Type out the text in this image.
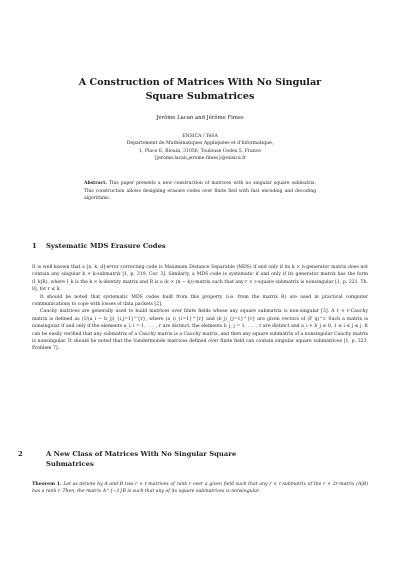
A Construction of Matrices With No Singular
Square Submatrices
Jérôme Lacan and Jérôme Fimes
ENSICA / TéSA
Département de Mathématiques Appliquées et d'Informatique,
1, Place E. Blouin, 31056, Toulouse Cedex 5, France
{jerome.lacan,jerome.fimes}@ensica.fr
Abstract. This paper presents a new construction of matrices with no singular square submatrix. This construction allows designing erasure codes over finite fied with fast encoding and decoding algorithms.
1 Systematic MDS Erasure Codes

It is well known that a [n, k, d]-error correcting code is Maximum Distance Separable (MDS) if and only if its k × n-generator matrix does not contain any singular k × k-submatrix [1, p. 319, Cor. 3]. Similarly, a MDS code is systematic if and only if its generator matrix has the form (I_k|R), where I_k is the k × k-identity matrix and R is a (k × (n − k))-matrix such that any r × r-square submatrix is nonsingular [1, p. 321, Th. 8], for r ≤ k.

It should be noted that systematic MDS codes built from this property (i.e. from the matrix R) are used in practical computer communications to cope with losses of data packets [2].

Cauchy matrices are generally used to build matrices over finite fields whose any square submatrix is non-singular [3]. A r × r-Cauchy matrix is defined as (1/(a_i − b_j))_{i,j=1}^{r}, where (a_i)_{i=1}^{r} and (b_j)_{j=1}^{r} are given vectors of (F_q)^r. Such a matrix is nonsingular if and only if the elements a_i, i = 1, . . . , r are distinct, the elements b_j, j = 1, . . . , r are distinct and a_i + b_j ≠ 0, 1 ≤ i ≤ j ≤ j. It can be easily verified that any submatrix of a Cauchy matrix is a Cauchy matrix, and then any square submatrix of a nonsingular Cauchy matrix is nonsingular. It should be noted that the Vandermonde matrices defined over finite field can contain singular square submatrices [1, p. 323, Problem 7].

2	A New Class of Matrices With No Singular Square
Submatrices
Theorem 1. Let as denote by A and B two r × r-matrices of rank r over a given field such that any r × r-submatrix of the r × 2r-matrix (A|B) has a rank r. Then, the matrix A^{−1}B is such that any of its square submatrices is nonsingular.
